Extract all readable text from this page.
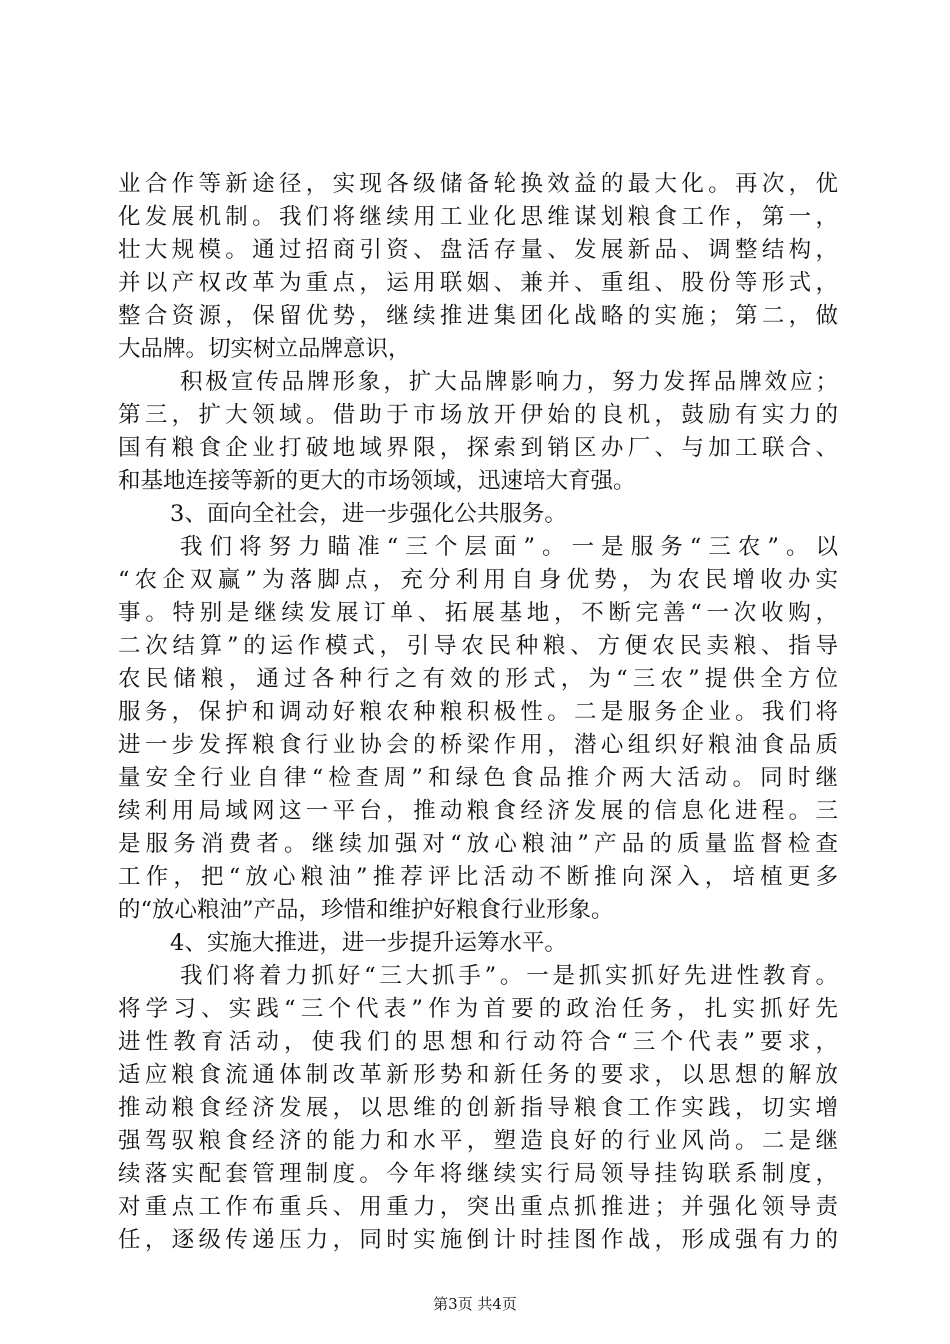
业合作等新途径，实现各级储备轮换效益的最大化。再次，优
化发展机制。我们将继续用工业化思维谋划粮食工作，第一，
壮大规模。通过招商引资、盘活存量、发展新品、调整结构，
并以产权改革为重点，运用联姻、兼并、重组、股份等形式，
整合资源，保留优势，继续推进集团化战略的实施；第二，做
大品牌。切实树立品牌意识，
积极宣传品牌形象，扩大品牌影响力，努力发挥品牌效应；
第三，扩大领域。借助于市场放开伊始的良机，鼓励有实力的
国有粮食企业打破地域界限，探索到销区办厂、与加工联合、
和基地连接等新的更大的市场领域，迅速培大育强。
3、面向全社会，进一步强化公共服务。
我们将努力瞄准“三个层面”。一是服务“三农”。以
“农企双赢”为落脚点，充分利用自身优势，为农民增收办实
事。特别是继续发展订单、拓展基地，不断完善“一次收购，
二次结算”的运作模式，引导农民种粮、方便农民卖粮、指导
农民储粮，通过各种行之有效的形式，为“三农”提供全方位
服务，保护和调动好粮农种粮积极性。二是服务企业。我们将
进一步发挥粮食行业协会的桥梁作用，潜心组织好粮油食品质
量安全行业自律“检查周”和绿色食品推介两大活动。同时继
续利用局域网这一平台，推动粮食经济发展的信息化进程。三
是服务消费者。继续加强对“放心粮油”产品的质量监督检查
工作，把“放心粮油”推荐评比活动不断推向深入，培植更多
的“放心粮油”产品，珍惜和维护好粮食行业形象。
4、实施大推进，进一步提升运筹水平。
我们将着力抓好“三大抓手”。一是抓实抓好先进性教育。
将学习、实践“三个代表”作为首要的政治任务，扎实抓好先
进性教育活动，使我们的思想和行动符合“三个代表”要求，
适应粮食流通体制改革新形势和新任务的要求，以思想的解放
推动粮食经济发展，以思维的创新指导粮食工作实践，切实增
强驾驭粮食经济的能力和水平，塑造良好的行业风尚。二是继
续落实配套管理制度。今年将继续实行局领导挂钩联系制度，
对重点工作布重兵、用重力，突出重点抓推进；并强化领导责
任，逐级传递压力，同时实施倒计时挂图作战，形成强有力的
第3页 共4页
